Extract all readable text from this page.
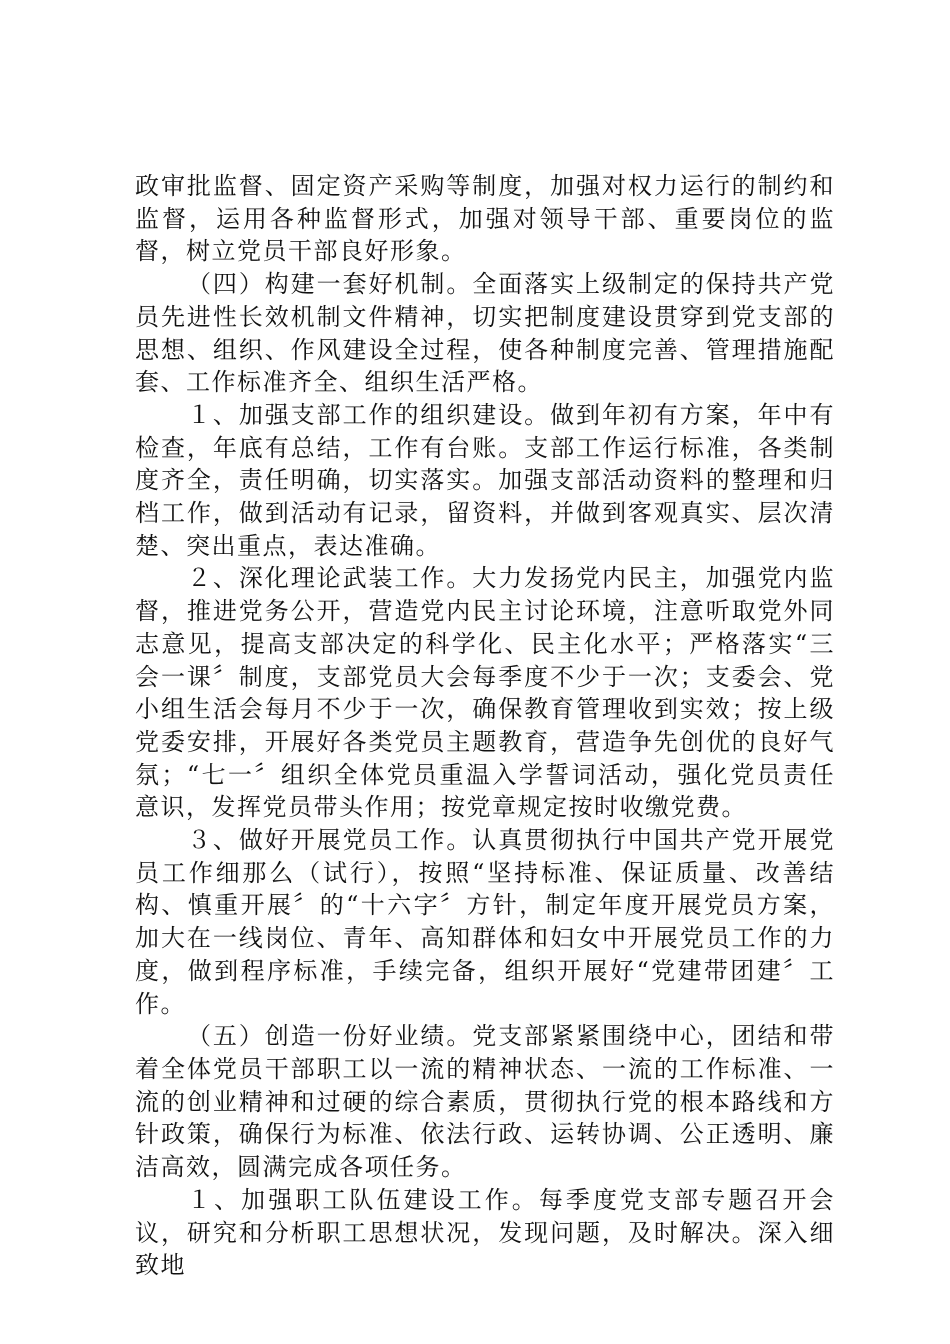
政审批监督、固定资产采购等制度，加强对权力运行的制约和监督，运用各种监督形式，加强对领导干部、重要岗位的监督，树立党员干部良好形象。

（四）构建一套好机制。全面落实上级制定的保持共产党员先进性长效机制文件精神，切实把制度建设贯穿到党支部的思想、组织、作风建设全过程，使各种制度完善、管理措施配套、工作标准齐全、组织生活严格。

１、加强支部工作的组织建设。做到年初有方案，年中有检查，年底有总结，工作有台账。支部工作运行标准，各类制度齐全，责任明确，切实落实。加强支部活动资料的整理和归档工作，做到活动有记录，留资料，并做到客观真实、层次清楚、突出重点，表达准确。

２、深化理论武装工作。大力发扬党内民主，加强党内监督，推进党务公开，营造党内民主讨论环境，注意听取党外同志意见，提高支部决定的科学化、民主化水平；严格落实“三会一课〞制度，支部党员大会每季度不少于一次；支委会、党小组生活会每月不少于一次，确保教育管理收到实效；按上级党委安排，开展好各类党员主题教育，营造争先创优的良好气氛；“七一〞组织全体党员重温入学誓词活动，强化党员责任意识，发挥党员带头作用；按党章规定按时收缴党费。

３、做好开展党员工作。认真贯彻执行中国共产党开展党员工作细那么（试行），按照“坚持标准、保证质量、改善结构、慎重开展〞的“十六字〞方针，制定年度开展党员方案，加大在一线岗位、青年、高知群体和妇女中开展党员工作的力度，做到程序标准，手续完备，组织开展好“党建带团建〞工作。

（五）创造一份好业绩。党支部紧紧围绕中心，团结和带着全体党员干部职工以一流的精神状态、一流的工作标准、一流的创业精神和过硬的综合素质，贯彻执行党的根本路线和方针政策，确保行为标准、依法行政、运转协调、公正透明、廉洁高效，圆满完成各项任务。

１、加强职工队伍建设工作。每季度党支部专题召开会议，研究和分析职工思想状况，发现问题，及时解决。深入细致地
